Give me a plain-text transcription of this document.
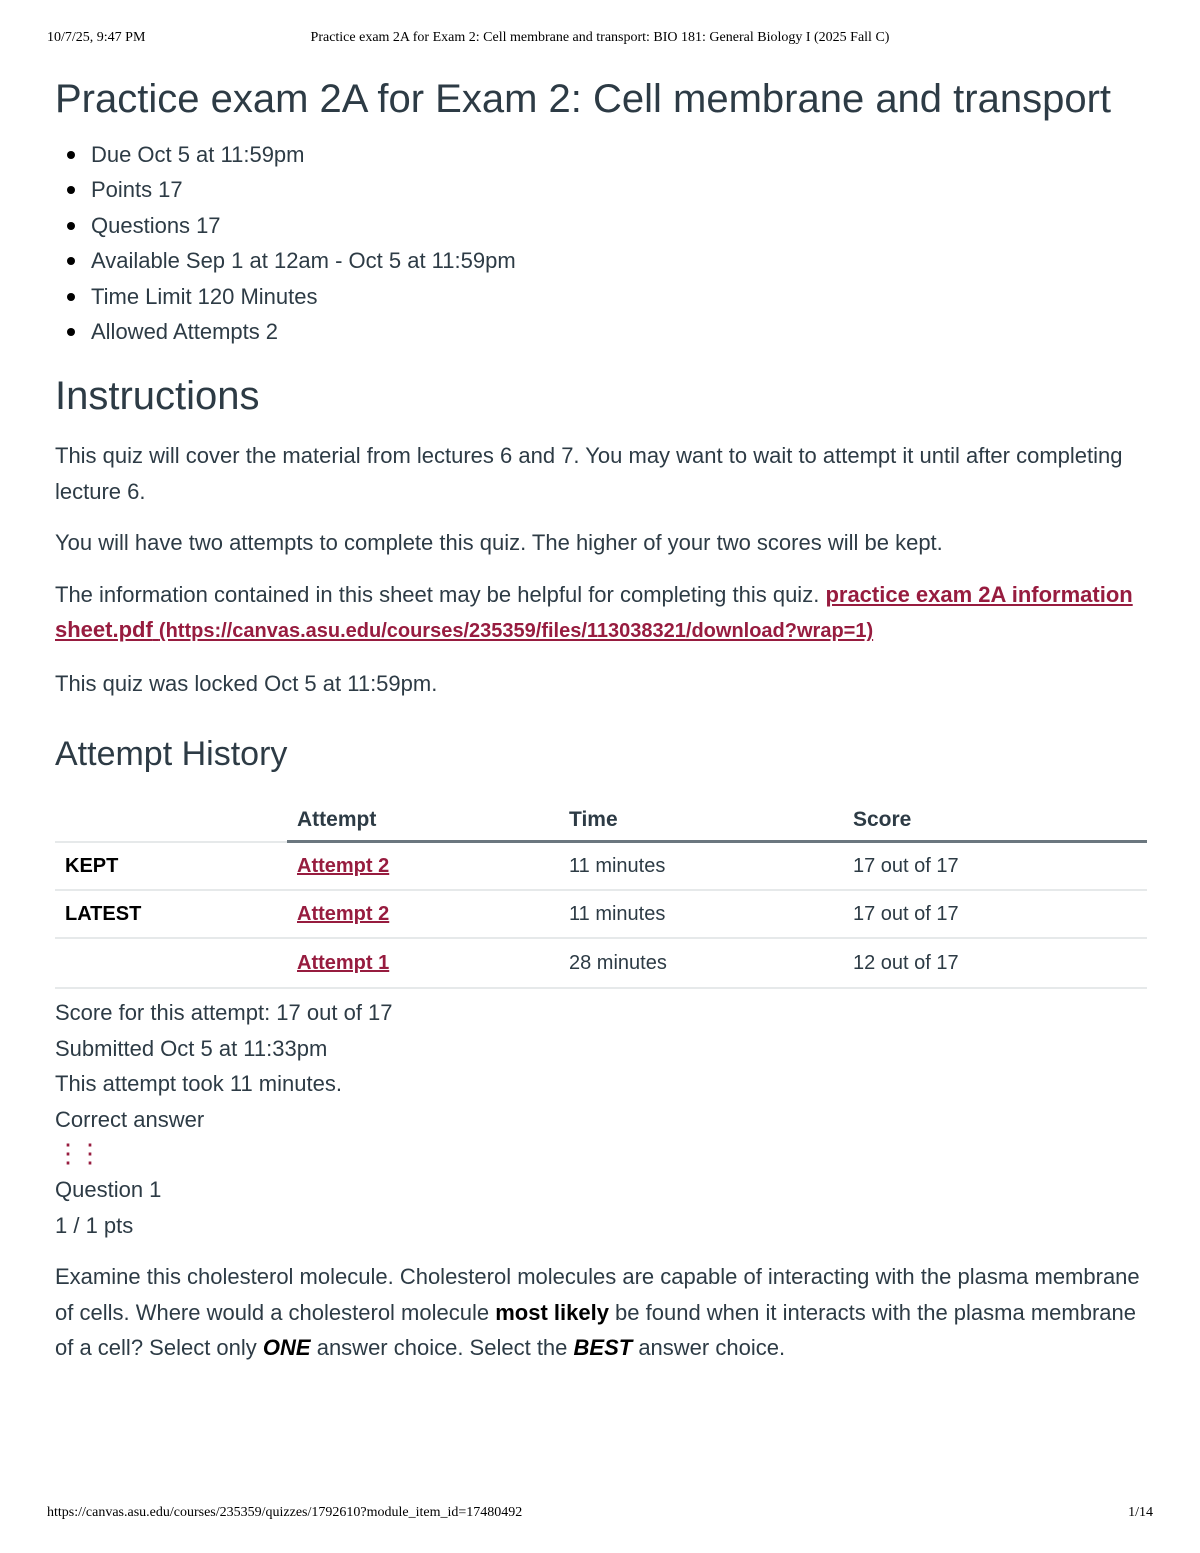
10/7/25, 9:47 PM	Practice exam 2A for Exam 2: Cell membrane and transport: BIO 181: General Biology I (2025 Fall C)
Practice exam 2A for Exam 2: Cell membrane and transport
Due Oct 5 at 11:59pm
Points 17
Questions 17
Available Sep 1 at 12am - Oct 5 at 11:59pm
Time Limit 120 Minutes
Allowed Attempts 2
Instructions

This quiz will cover the material from lectures 6 and 7. You may want to wait to attempt it until after completing lecture 6.

You will have two attempts to complete this quiz. The higher of your two scores will be kept.

The information contained in this sheet may be helpful for completing this quiz. practice exam 2A information sheet.pdf (https://canvas.asu.edu/courses/235359/files/113038321/download?wrap=1)

This quiz was locked Oct 5 at 11:59pm.

Attempt History
	Attempt	Time	Score
KEPT	Attempt 2	11 minutes	17 out of 17
LATEST	Attempt 2	11 minutes	17 out of 17
	Attempt 1	28 minutes	12 out of 17
Score for this attempt: 17 out of 17
Submitted Oct 5 at 11:33pm
This attempt took 11 minutes.
Correct answer
⋮⋮
Question 1
1 / 1 pts

Examine this cholesterol molecule. Cholesterol molecules are capable of interacting with the plasma membrane of cells. Where would a cholesterol molecule most likely be found when it interacts with the plasma membrane of a cell? Select only ONE answer choice. Select the BEST answer choice.

https://canvas.asu.edu/courses/235359/quizzes/1792610?module_item_id=17480492	1/14
